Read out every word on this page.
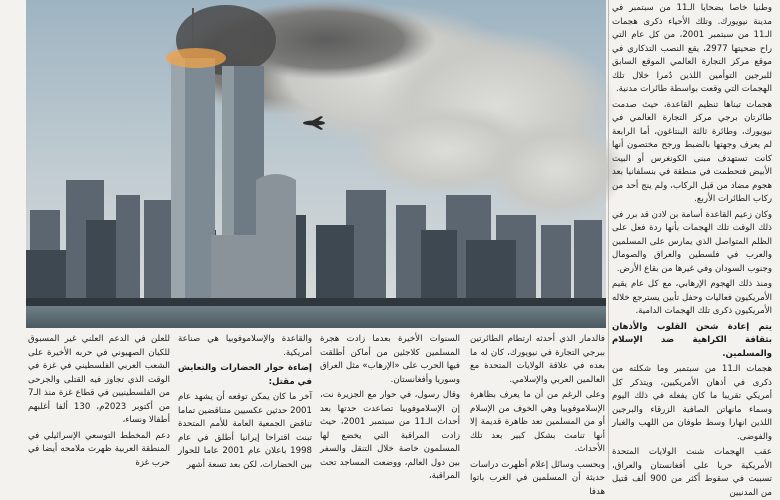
وطنيا خاصا بضحايا الـ11 من سبتمبر في مدينة نيويورك. وتلك الأحياء ذكرى هجمات الـ11 من سبتمبر 2001، من كل عام التي راح ضحيتها 2977، يقع النصب التذكاري في موقع مركز التجارة العالمي الموقع السابق للبرجين التوأمين اللذين دُمرا خلال تلك الهجمات التي وقعت بواسطة طائرات مدنية.

هجمات تبناها تنظيم القاعدة، حيث صدمت طائرتان برجي مركز التجارة العالمي في نيويورك، وطائرة ثالثة البنتاغون، أما الرابعة لم يعرف وجهتها بالضبط ورجح مختصون أنها كانت تستهدف مبنى الكونغرس أو البيت الأبيض فتحطمت في منطقة في بنسلفانيا بعد هجوم مضاد من قبل الركاب، ولم ينج أحد من ركاب الطائرات الأربع.

وكان زعيم القاعدة أسامة بن لادن قد برر في ذلك الوقت تلك الهجمات بأنها ردة فعل على الظلم المتواصل الذي يمارس على المسلمين والعرب في فلسطين والعراق والصومال وجنوب السودان وفي غيرها من بقاع الأرض.

ومنذ ذلك الهجوم الإرهابي، مع كل عام يقيم الأمريكيون فعاليات وحفل تأبين يسترجع خلاله الأمريكيون ذكرى تلك الهجمات الدامية.

يتم إعادة شحن القلوب والأذهان بثقافة الكراهية ضد الإسلام والمسلمين.

هجمات الـ11 من سبتمبر وما شكلته من ذكرى في أذهان الأمريكيين، ويتذكر كل أمريكي تقريبا ما كان يفعله في ذلك اليوم وسماء مانهاتن الصافية الزرقاء والبرجين اللذين انهارا وسط طوفان من اللهب والغبار والفوضى.

عقب الهجمات شنت الولايات المتحدة الأمريكية حربا على أفغانستان والعراق، تسببت في سقوط أكثر من 900 ألف قتيل من المدنيين

فالدمار الذي أحدثه ارتطام الطائرتين ببرجي التجارة في نيويورك، كان له ما بعده في علاقة الولايات المتحدة مع العالمين العربي والإسلامي.

وعلى الرغم من أن ما يعرف بظاهرة الإسلاموفوبيا وهي الخوف من الإسلام أو من المسلمين تعد ظاهرة قديمة إلا أنها تنامت بشكل كبير بعد تلك الأحداث.

وبحسب وسائل إعلام أظهرت دراسات حديثة أن المسلمين في الغرب باتوا هدفا

السنوات الأخيرة بعدما زادت هجرة المسلمين كلاجئين من أماكن أطلقت فيها الحرب على «الإرهاب» مثل العراق وسوريا وأفغانستان.

وقال رسول، في حوار مع الجزيرة نت، إن الإسلاموفوبيا تصاعدت حدتها بعد أحداث الـ11 من سبتمبر 2001، حيث زادت المراقبة التي يخضع لها المسلمون خاصة خلال التنقل والسفر بين دول العالم، ووضعت المساجد تحت المراقبة،

والقاعدة والإسلاموفوبيا هي صناعة أمريكية.

إضاءة حوار الحضارات والتعايش في مقتل:

آخر ما كان يمكن توقعه أن يشهد عام 2001 حدثين عكسيين متناقضين تماما تناقض الجمعية العامة للأمم المتحدة تبنت اقتراحا إيرانيا أطلق في عام 1998 باعلان عام 2001 عاما للحوار بين الحضارات، لكن بعد تسعة أشهر

للعلن في الدعم العلني غير المسبوق للكيان الصهيوني في حربه الأخيرة على الشعب العربي الفلسطيني في غزة في الوقت الذي تجاوز فيه القتلى والجرحى من الفلسطينيين في قطاع غزة منذ الـ7 من أكتوبر 2023م، 130 ألفا أغلبهم أطفالا ونساء،

دعم المخطط التوسعي الإسرائيلي في المنطقة العربية ظهرت ملامحه أيضا في حرب غزة
